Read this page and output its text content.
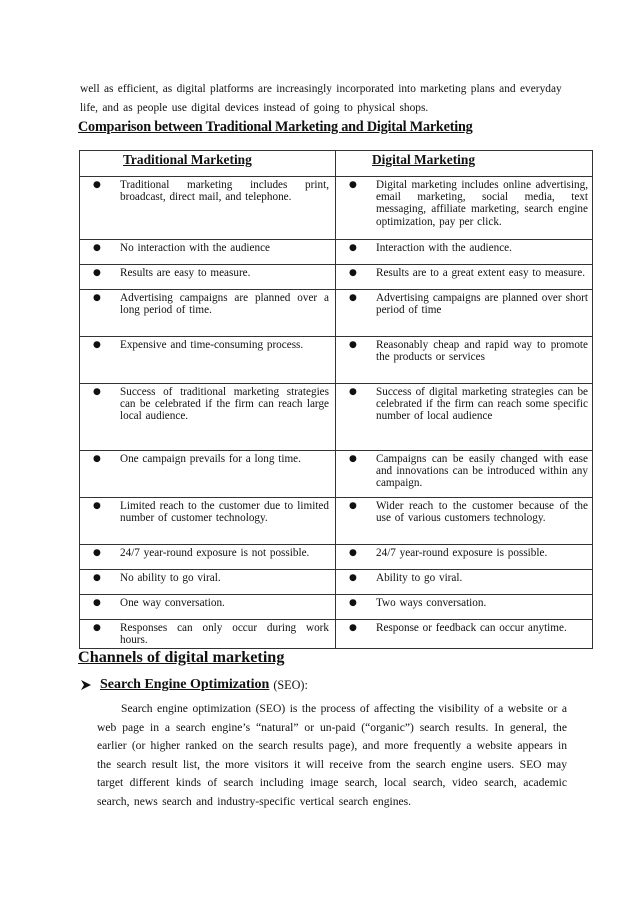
well as efficient, as digital platforms are increasingly incorporated into marketing plans and everyday life, and as people use digital devices instead of going to physical shops.

Comparison between Traditional Marketing and Digital Marketing
Traditional Marketing	Digital Marketing

● Traditional marketing includes print, broadcast, direct mail, and telephone.	● Digital marketing includes online advertising, email marketing, social media, text messaging, affiliate marketing, search engine optimization, pay per click.

● No interaction with the audience	● Interaction with the audience.

● Results are easy to measure.	● Results are to a great extent easy to measure.

● Advertising campaigns are planned over a long period of time.	● Advertising campaigns are planned over short period of time

● Expensive and time-consuming process.	● Reasonably cheap and rapid way to promote the products or services

● Success of traditional marketing strategies can be celebrated if the firm can reach large local audience.	● Success of digital marketing strategies can be celebrated if the firm can reach some specific number of local audience

● One campaign prevails for a long time.	● Campaigns can be easily changed with ease and innovations can be introduced within any campaign.

● Limited reach to the customer due to limited number of customer technology.	● Wider reach to the customer because of the use of various customers technology.

● 24/7 year-round exposure is not possible.	● 24/7 year-round exposure is possible.

● No ability to go viral.	● Ability to go viral.

● One way conversation.	● Two ways conversation.

● Responses can only occur during work hours.	● Response or feedback can occur anytime.
Channels of digital marketing
Search Engine Optimization (SEO):

Search engine optimization (SEO) is the process of affecting the visibility of a website or a web page in a search engine’s “natural” or un-paid (“organic”) search results. In general, the earlier (or higher ranked on the search results page), and more frequently a website appears in the search result list, the more visitors it will receive from the search engine users. SEO may target different kinds of search including image search, local search, video search, academic search, news search and industry-specific vertical search engines.
